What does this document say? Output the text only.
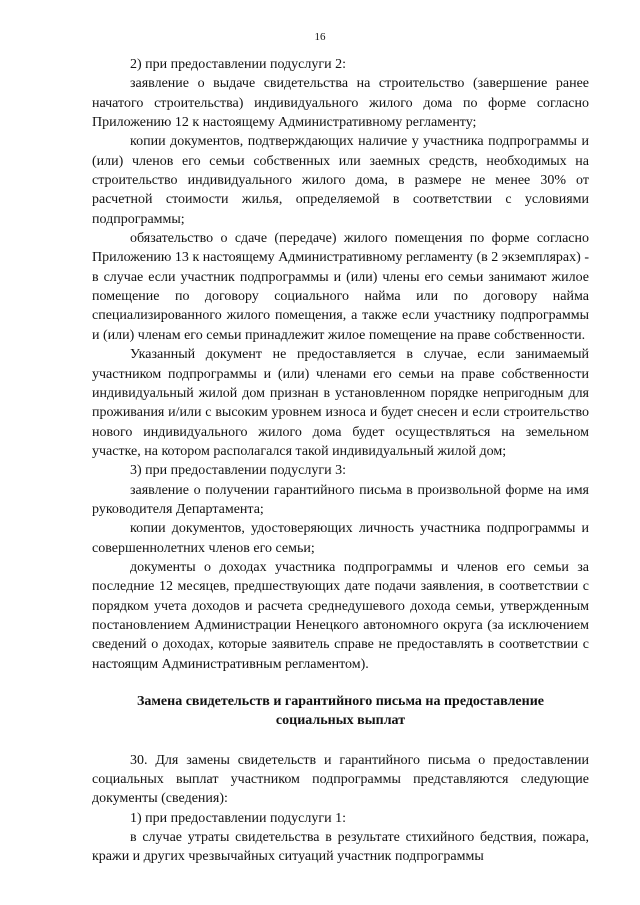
16

2) при предоставлении подуслуги 2:

заявление о выдаче свидетельства на строительство (завершение ранее начатого строительства) индивидуального жилого дома по форме согласно Приложению 12 к настоящему Административному регламенту;

копии документов, подтверждающих наличие у участника подпрограммы и (или) членов его семьи собственных или заемных средств, необходимых на строительство индивидуального жилого дома, в размере не менее 30% от расчетной стоимости жилья, определяемой в соответствии с условиями подпрограммы;

обязательство о сдаче (передаче) жилого помещения по форме согласно Приложению 13 к настоящему Административному регламенту (в 2 экземплярах) - в случае если участник подпрограммы и (или) члены его семьи занимают жилое помещение по договору социального найма или по договору найма специализированного жилого помещения, а также если участнику подпрограммы и (или) членам его семьи принадлежит жилое помещение на праве собственности.

Указанный документ не предоставляется в случае, если занимаемый участником подпрограммы и (или) членами его семьи на праве собственности индивидуальный жилой дом признан в установленном порядке непригодным для проживания и/или с высоким уровнем износа и будет снесен и если строительство нового индивидуального жилого дома будет осуществляться на земельном участке, на котором располагался такой индивидуальный жилой дом;

3) при предоставлении подуслуги 3:

заявление о получении гарантийного письма в произвольной форме на имя руководителя Департамента;

копии документов, удостоверяющих личность участника подпрограммы и совершеннолетних членов его семьи;

документы о доходах участника подпрограммы и членов его семьи за последние 12 месяцев, предшествующих дате подачи заявления, в соответствии с порядком учета доходов и расчета среднедушевого дохода семьи, утвержденным постановлением Администрации Ненецкого автономного округа (за исключением сведений о доходах, которые заявитель справе не предоставлять в соответствии с настоящим Административным регламентом).

Замена свидетельств и гарантийного письма на предоставление социальных выплат

30. Для замены свидетельств и гарантийного письма о предоставлении социальных выплат участником подпрограммы представляются следующие документы (сведения):

1) при предоставлении подуслуги 1:

в случае утраты свидетельства в результате стихийного бедствия, пожара, кражи и других чрезвычайных ситуаций участник подпрограммы
